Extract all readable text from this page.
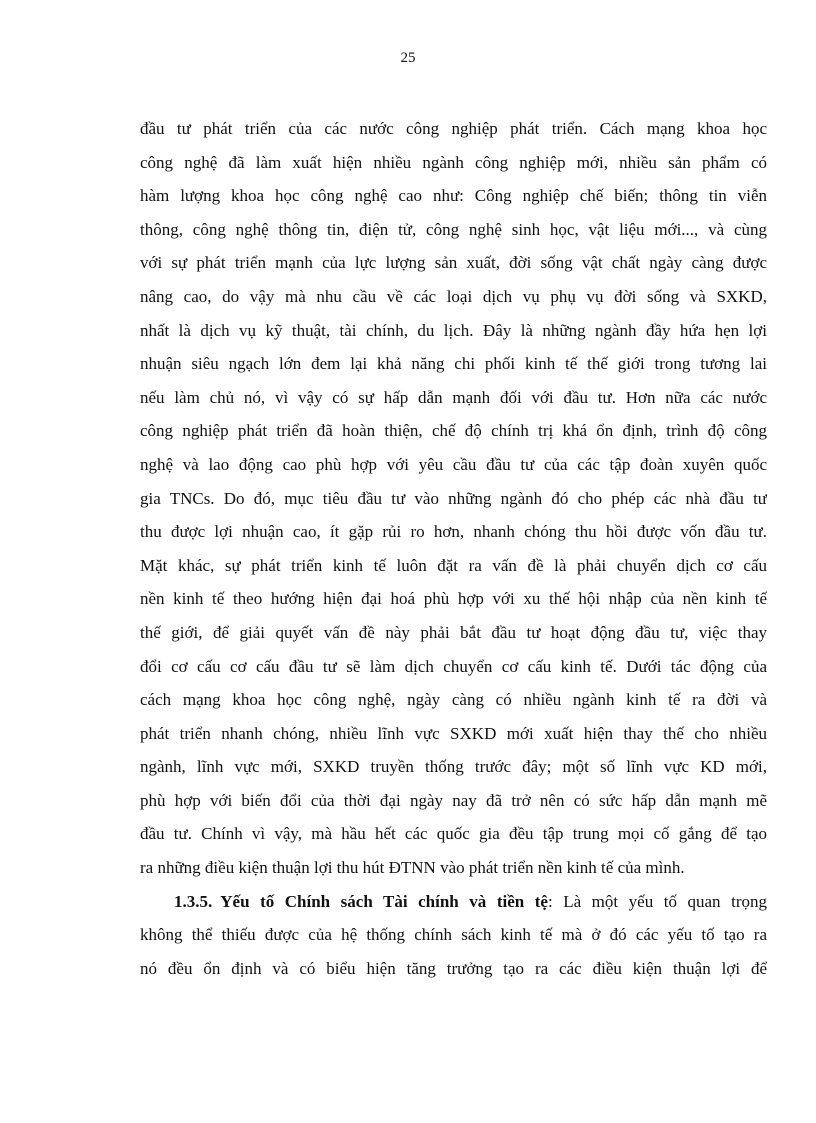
25
đầu tư phát triển của các nước công nghiệp phát triển. Cách mạng khoa học
công nghệ đã làm xuất hiện nhiều ngành công nghiệp mới, nhiều sản phẩm có
hàm lượng khoa học công nghệ cao như: Công nghiệp chế biến; thông tin viễn
thông, công nghệ thông tin, điện tử, công nghệ sinh học, vật liệu mới..., và cùng
với sự phát triển mạnh của lực lượng sản xuất, đời sống vật chất ngày càng được
nâng cao, do vậy mà nhu cầu về các loại dịch vụ phụ vụ đời sống và SXKD,
nhất là dịch vụ kỹ thuật, tài chính, du lịch. Đây là những ngành đầy hứa hẹn lợi
nhuận siêu ngạch lớn đem lại khả năng chi phối kinh tế thế giới trong tương lai
nếu làm chủ nó, vì vậy có sự hấp dẫn mạnh đối với đầu tư. Hơn nữa các nước
công nghiệp phát triển đã hoàn thiện, chế độ chính trị khá ổn định, trình độ công
nghệ và lao động cao phù hợp với yêu cầu đầu tư của các tập đoàn xuyên quốc
gia TNCs. Do đó, mục tiêu đầu tư vào những ngành đó cho phép các nhà đầu tư
thu được lợi nhuận cao, ít gặp rủi ro hơn, nhanh chóng thu hồi được vốn đầu tư.
Mặt khác, sự phát triển kinh tế luôn đặt ra vấn đề là phải chuyển dịch cơ cấu
nền kinh tế theo hướng hiện đại hoá phù hợp với xu thế hội nhập của nền kinh tế
thế giới, để giải quyết vấn đề này phải bắt đầu tư hoạt động đầu tư, việc thay
đổi cơ cấu cơ cấu đầu tư sẽ làm dịch chuyển cơ cấu kinh tế. Dưới tác động của
cách mạng khoa học công nghệ, ngày càng có nhiều ngành kinh tế ra đời và
phát triển nhanh chóng, nhiều lĩnh vực SXKD mới xuất hiện thay thế cho nhiều
ngành, lĩnh vực mới, SXKD truyền thống trước đây; một số lĩnh vực KD mới,
phù hợp với biến đổi của thời đại ngày nay đã trở nên có sức hấp dẫn mạnh mẽ
đầu tư. Chính vì vậy, mà hầu hết các quốc gia đều tập trung mọi cố gắng để tạo
ra những điều kiện thuận lợi thu hút ĐTNN vào phát triển nền kinh tế của mình.
1.3.5. Yếu tố Chính sách Tài chính và tiền tệ: Là một yếu tố quan trọng
không thể thiếu được của hệ thống chính sách kinh tế mà ở đó các yếu tố tạo ra
nó đều ổn định và có biểu hiện tăng trưởng tạo ra các điều kiện thuận lợi để
